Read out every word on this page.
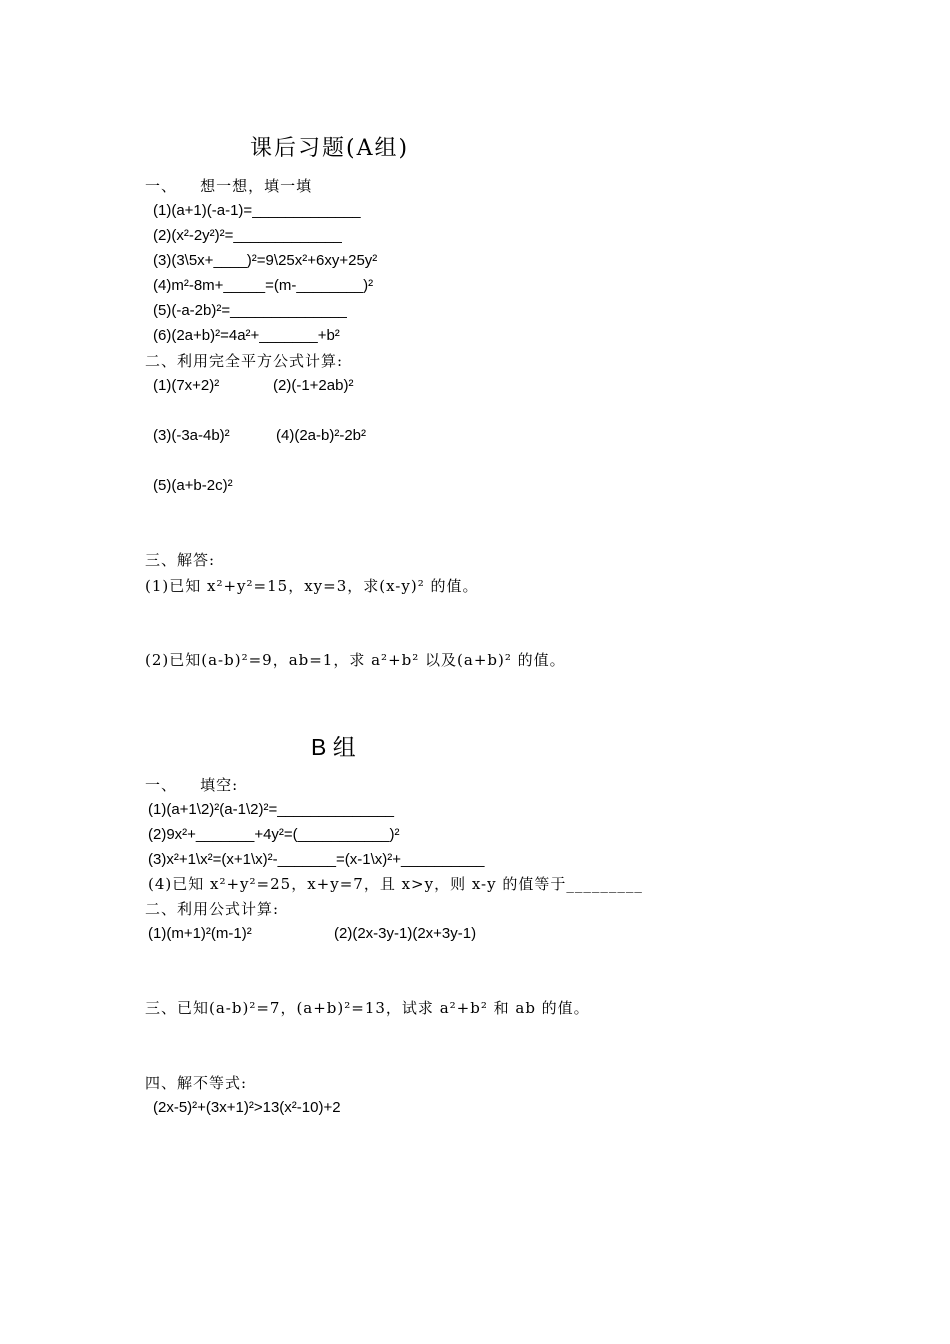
课后习题(A组)
一、    想一想，填一填
(1)(a+1)(-a-1)=_____________
(2)(x²-2y²)²=_____________
(3)(3\5x+____)²=9\25x²+6xy+25y²
(4)m²-8m+_____=(m-________)²
(5)(-a-2b)²=______________
(6)(2a+b)²=4a²+_______+b²
二、利用完全平方公式计算:
(1)(7x+2)²	(2)(-1+2ab)²
(3)(-3a-4b)²	(4)(2a-b)²-2b²
(5)(a+b-2c)²
三、解答:
(1)已知 x²+y²=15，xy=3，求(x-y)² 的值。
(2)已知(a-b)²=9，ab=1，求 a²+b² 以及(a+b)² 的值。
B 组
一、    填空:
(1)(a+1\2)²(a-1\2)²=______________
(2)9x²+_______+4y²=(___________)²
(3)x²+1\x²=(x+1\x)²-_______=(x-1\x)²+__________
(4)已知 x²+y²=25，x+y=7，且 x>y，则 x-y 的值等于_________
二、利用公式计算:
(1)(m+1)²(m-1)²	(2)(2x-3y-1)(2x+3y-1)
三、已知(a-b)²=7，(a+b)²=13，试求 a²+b² 和 ab 的值。
四、解不等式:
(2x-5)²+(3x+1)²>13(x²-10)+2
